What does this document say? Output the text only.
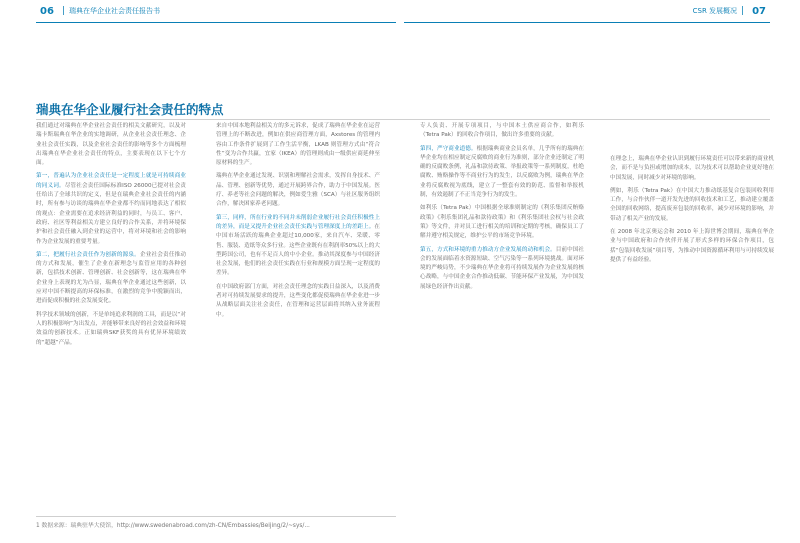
06 | 瑞典在华企业社会责任报告书	CSR 发展概况 | 07
瑞典在华企业履行社会责任的特点

我们通过对瑞典在华企业社会责任的相关文献研究，以及对瑞卡斯瑞典在华企业的实地调研，从企业社会责任理念、企业社会责任实践，以及企业社会责任的影响等多个方面梳理出瑞典在华企业社会责任的特点，主要表现在以下七个方面。

第一，普遍认为企业社会责任是一定程度上就是可持续商业的同义词。尽管社会责任国际标准ISO 26000已提对社会责任给出了全球共识的定义，但是在瑞典企业社会责任的内涵时，所有参与访谈的瑞典在华企业都不约而同地表达了相似的观点：企业需要在追求经济利益的同时，与员工、客户、政府、社区等利益相关方建立良好的合作关系，并将环境保护和社会责任融入到企业的运营中，将对环境和社会的影响作为企业发展的重要考量。

第二，把履行社会责任作为创新的源泉。企业社会责任推动的方式和发展，催生了企业在新理念与监管应用的各种创新，包括技术创新、管理创新、社会创新等，这在瑞典在华企业身上表现的尤为凸显，瑞典在华企业通过这些创新，以应对中国不断提高的环保标准，在激烈的竞争中脱颖而出，进而促成积极的社会发展变化。

科学技术领域的创新，不是单纯追求利润的工具，而是以“对人的积极影响”为出发点，并能够带来良好的社会效益和环境效益的创新技术。正如瑞典SKF获奖的具有优异环境绩效的“超越”产品。

来自中国本地利益相关方的多元诉求，促成了瑞典在华企业在运营管理上的不断改进，例如在供应商管理方面，Axstores 的管理内容由工作条件扩展到了工作生活平衡，LKAB 则管理方式由“符合性”变为合作共赢，宜家（IKEA）的管理则成由一级供应商延伸至原材料的生产。

瑞典在华企业通过发现、识别和理解社会需求，发挥自身技术、产品、管理、创新等优势，通过开展跨界合作，助力于中国发展。医疗、养老等社会问题的解决，例如爱生雅（SCA）与社区服务组织合作，解决困家养老问题。

第三，同样，所在行业的不同并未削弱企业履行社会责任积极性上的差异，而是又提升企业社会责任实践与管理深度上的差距上。在中国市场活跃的瑞典企业超过10,000家，来自汽车、采暖、零售、服装、造纸等众多行业。这些企业既有在利润率50%以上的大型跨国公司，也有不足百人的中小企业。推动其深度参与中国经济社会发展，他们的社会责任实践在行业和规模方面呈现一定程度的差异。

在中国政府部门方面，对社会责任理念的实践日益深入，以及消费者对可持续发展要求的提升，这些变化都促使瑞典在华企业进一步从战略层面关注社会责任，在管理和运营层面将其纳入业务流程中。

专人负责、开展专项项目，与中国本土供应商合作，如利乐（Tetra Pak）的回收合作项目，做出许多重要的贡献。

第四，严守商业道德。根据瑞典商业会员名单，几乎所有的瑞典在华企业均在相应制定反腐败的商业行为准则，部分企业还制定了明确的反腐败条例，礼品和款待政策、举报政策等一系列制度，杜绝腐败、贿赂操作等不商业行为的发生，以反腐败为例，瑞典在华企业将反腐败视为底线，建立了一整套有效的防范、监督和举报机制，有效遏制了不正当竞争行为的发生。

如利乐（Tetra Pak）中国根据全球准则制定的《利乐集团反贿赂政策》《利乐集团礼品和款待政策》和《利乐集团社会权与社会政策》等文件，并对员工进行相关的培训和定期的考核，确保员工了解并遵守相关规定，维护公平的市场竞争环境。

第五，方式和环境的重力推动方企业发展的动和机会。目前中国社会的发展面临着水资源短缺、空气污染等一系列环境挑战。面对环境的严峻局势，不少瑞典在华企业将可持续发展作为企业发展的核心战略，与中国企业合作推动低碳、节能环保产业发展，为中国发展绿色经济作出贡献。

在理念上，瑞典在华企业认识到履行环境责任可以带来新的商业机会，而不是与负担或增加的成本，以为技术可以帮助企业更好地在中国发展，同时减少对环境的影响。

例如，利乐（Tetra Pak）在中国大力推动纸基复合包装回收利用工作，与合作伙伴一道开发先进的回收技术和工艺，推动建立覆盖全国的回收网络，提高废弃包装的回收率，减少对环境的影响，并带动了相关产业的发展。

在 2008 年北京奥运会和 2010 年上海世博会期间，瑞典在华企业与中国政府和合作伙伴开展了形式多样的环保合作项目，包括“包装回收发展”项目等，为推动中国资源循环利用与可持续发展提供了有益经验。

1 数据来源：瑞典驻华大使馆，http://www.swedenabroad.com/zh-CN/Embassies/Beijing/2/~sys/...
